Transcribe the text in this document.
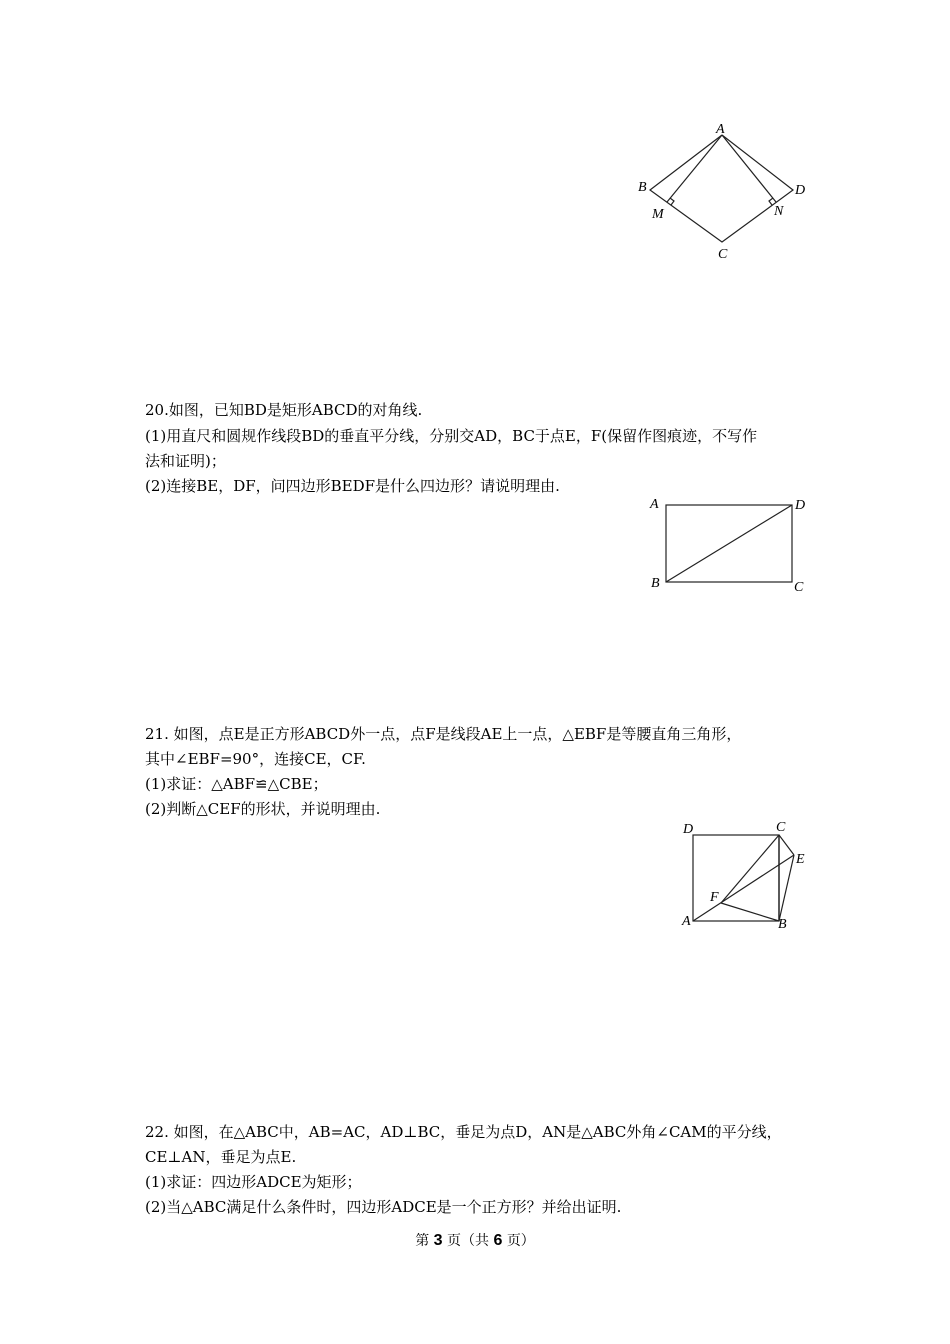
A
B	D
M	N
C

20.如图，已知BD是矩形ABCD的对角线.

(1)用直尺和圆规作线段BD的垂直平分线，分别交AD，BC于点E，F(保留作图痕迹，不写作

法和证明)；

(2)连接BE，DF，问四边形BEDF是什么四边形？请说明理由.

A	D
B	C

21. 如图，点E是正方形ABCD外一点，点F是线段AE上一点，△EBF是等腰直角三角形，

其中∠EBF=90°，连接CE，CF.

(1)求证：△ABF≌△CBE；

(2)判断△CEF的形状，并说明理由.

D	C
E
F
A	B

22. 如图，在△ABC中，AB=AC，AD⊥BC，垂足为点D，AN是△ABC外角∠CAM的平分线，

CE⊥AN，垂足为点E.

(1)求证：四边形ADCE为矩形；

(2)当△ABC满足什么条件时，四边形ADCE是一个正方形？并给出证明.

第 3 页（共 6 页）
